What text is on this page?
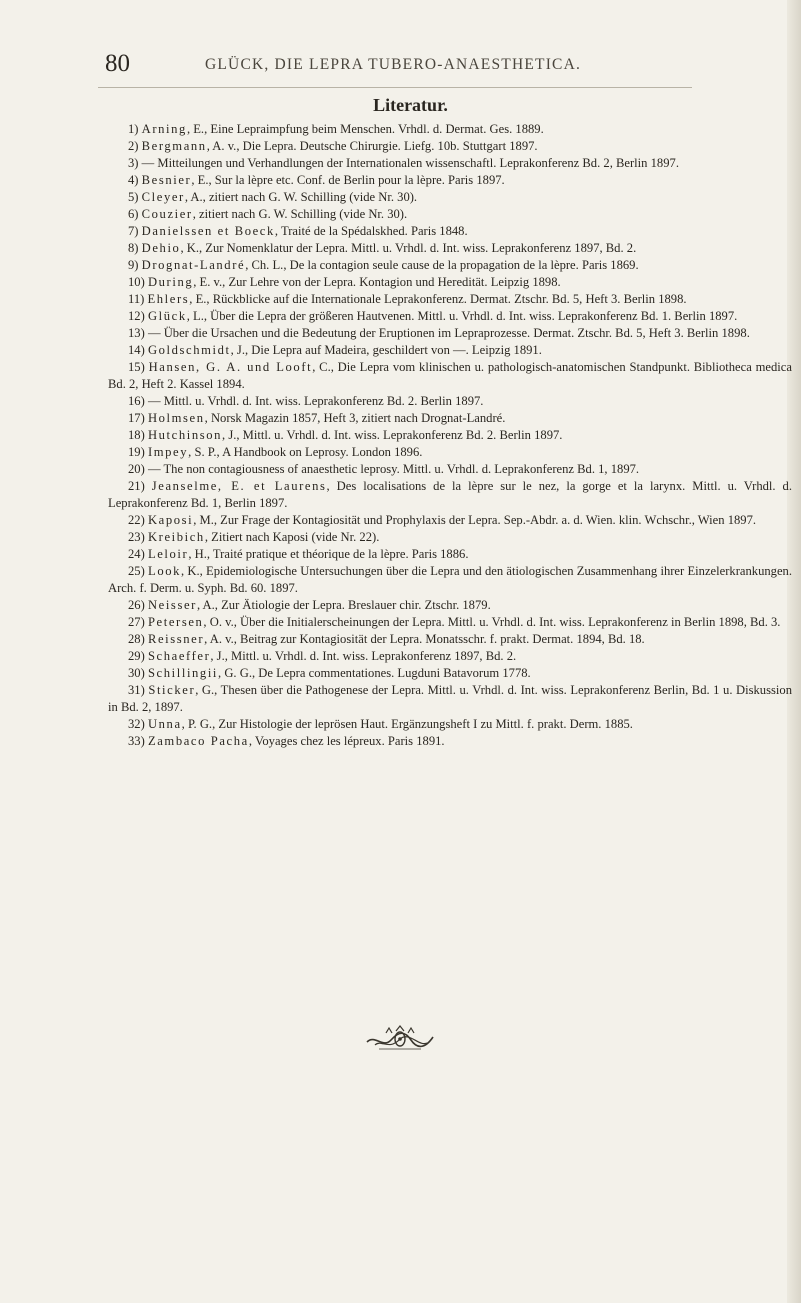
80	GLÜCK, DIE LEPRA TUBERO-ANAESTHETICA.
Literatur.

1) Arning, E., Eine Lepraimpfung beim Menschen. Vrhdl. d. Dermat. Ges. 1889.

2) Bergmann, A. v., Die Lepra. Deutsche Chirurgie. Liefg. 10b. Stuttgart 1897.

3) — Mitteilungen und Verhandlungen der Internationalen wissenschaftl. Leprakonferenz Bd. 2, Berlin 1897.

4) Besnier, E., Sur la lèpre etc. Conf. de Berlin pour la lèpre. Paris 1897.

5) Cleyer, A., zitiert nach G. W. Schilling (vide Nr. 30).

6) Couzier, zitiert nach G. W. Schilling (vide Nr. 30).

7) Danielssen et Boeck, Traité de la Spédalskhed. Paris 1848.

8) Dehio, K., Zur Nomenklatur der Lepra. Mittl. u. Vrhdl. d. Int. wiss. Leprakonferenz 1897, Bd. 2.

9) Drognat-Landré, Ch. L., De la contagion seule cause de la propagation de la lèpre. Paris 1869.

10) During, E. v., Zur Lehre von der Lepra. Kontagion und Heredität. Leipzig 1898.

11) Ehlers, E., Rückblicke auf die Internationale Leprakonferenz. Dermat. Ztschr. Bd. 5, Heft 3. Berlin 1898.

12) Glück, L., Über die Lepra der größeren Hautvenen. Mittl. u. Vrhdl. d. Int. wiss. Leprakonferenz Bd. 1. Berlin 1897.

13) — Über die Ursachen und die Bedeutung der Eruptionen im Lepraprozesse. Dermat. Ztschr. Bd. 5, Heft 3. Berlin 1898.

14) Goldschmidt, J., Die Lepra auf Madeira, geschildert von —. Leipzig 1891.

15) Hansen, G. A. und Looft, C., Die Lepra vom klinischen u. pathologisch-anatomischen Standpunkt. Bibliotheca medica Bd. 2, Heft 2. Kassel 1894.

16) — Mittl. u. Vrhdl. d. Int. wiss. Leprakonferenz Bd. 2. Berlin 1897.

17) Holmsen, Norsk Magazin 1857, Heft 3, zitiert nach Drognat-Landré.

18) Hutchinson, J., Mittl. u. Vrhdl. d. Int. wiss. Leprakonferenz Bd. 2. Berlin 1897.

19) Impey, S. P., A Handbook on Leprosy. London 1896.

20) — The non contagiousness of anaesthetic leprosy. Mittl. u. Vrhdl. d. Leprakonferenz Bd. 1, 1897.

21) Jeanselme, E. et Laurens, Des localisations de la lèpre sur le nez, la gorge et la larynx. Mittl. u. Vrhdl. d. Leprakonferenz Bd. 1, Berlin 1897.

22) Kaposi, M., Zur Frage der Kontagiosität und Prophylaxis der Lepra. Sep.-Abdr. a. d. Wien. klin. Wchschr., Wien 1897.

23) Kreibich, Zitiert nach Kaposi (vide Nr. 22).

24) Leloir, H., Traité pratique et théorique de la lèpre. Paris 1886.

25) Look, K., Epidemiologische Untersuchungen über die Lepra und den ätiologischen Zusammenhang ihrer Einzelerkrankungen. Arch. f. Derm. u. Syph. Bd. 60. 1897.

26) Neisser, A., Zur Ätiologie der Lepra. Breslauer chir. Ztschr. 1879.

27) Petersen, O. v., Über die Initialerscheinungen der Lepra. Mittl. u. Vrhdl. d. Int. wiss. Leprakonferenz in Berlin 1898, Bd. 3.

28) Reissner, A. v., Beitrag zur Kontagiosität der Lepra. Monatsschr. f. prakt. Dermat. 1894, Bd. 18.

29) Schaeffer, J., Mittl. u. Vrhdl. d. Int. wiss. Leprakonferenz 1897, Bd. 2.

30) Schillingii, G. G., De Lepra commentationes. Lugduni Batavorum 1778.

31) Sticker, G., Thesen über die Pathogenese der Lepra. Mittl. u. Vrhdl. d. Int. wiss. Leprakonferenz Berlin, Bd. 1 u. Diskussion in Bd. 2, 1897.

32) Unna, P. G., Zur Histologie der leprösen Haut. Ergänzungsheft I zu Mittl. f. prakt. Derm. 1885.

33) Zambaco Pacha, Voyages chez les lépreux. Paris 1891.
